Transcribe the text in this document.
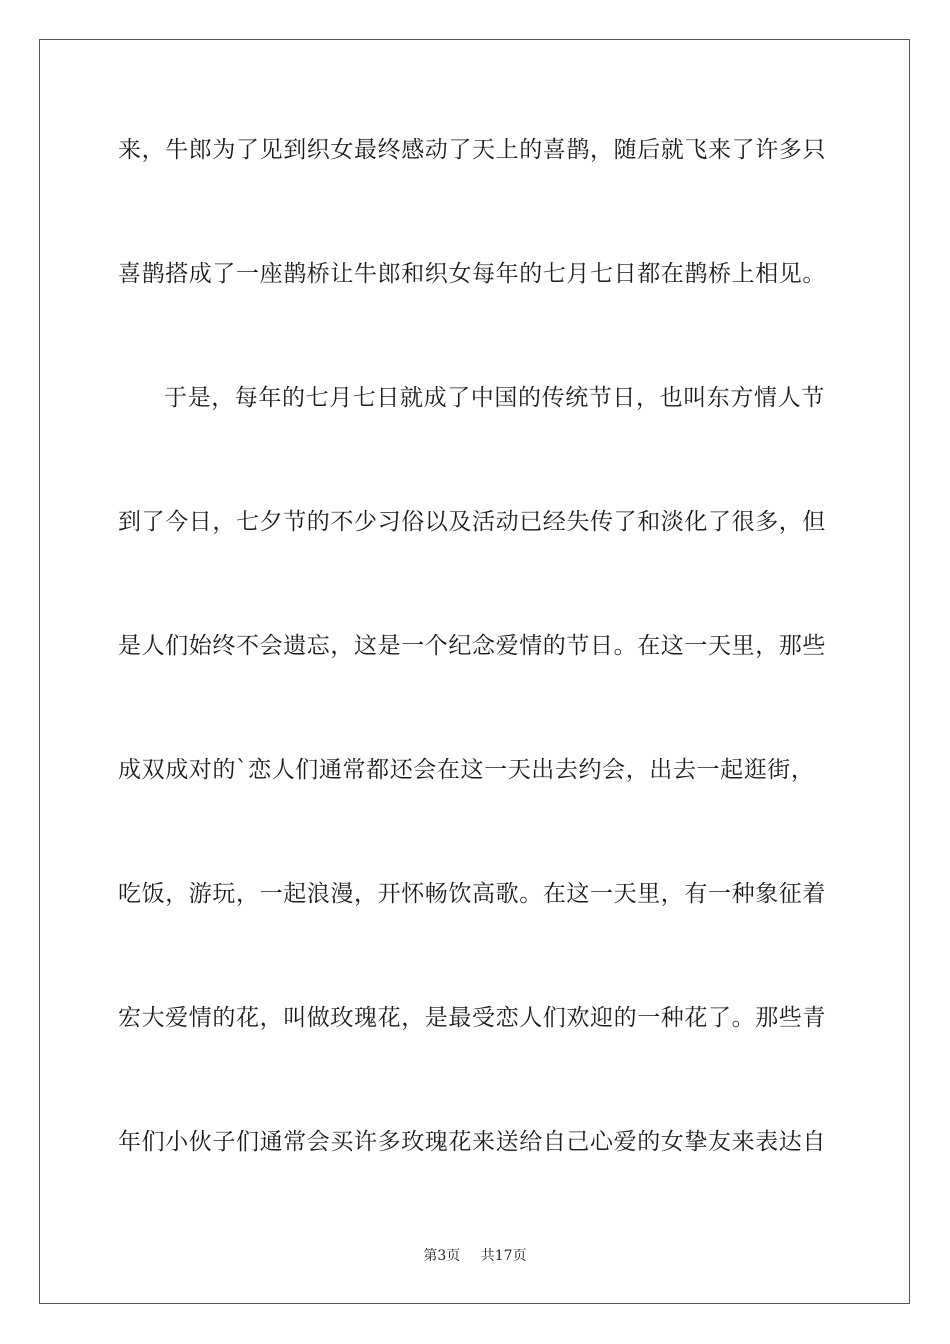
来，牛郎为了见到织女最终感动了天上的喜鹊，随后就飞来了许多只
喜鹊搭成了一座鹊桥让牛郎和织女每年的七月七日都在鹊桥上相见。
于是，每年的七月七日就成了中国的传统节日，也叫东方情人节
到了今日，七夕节的不少习俗以及活动已经失传了和淡化了很多，但
是人们始终不会遗忘，这是一个纪念爱情的节日。在这一天里，那些
成双成对的`恋人们通常都还会在这一天出去约会，出去一起逛街，
吃饭，游玩，一起浪漫，开怀畅饮高歌。在这一天里，有一种象征着
宏大爱情的花，叫做玫瑰花，是最受恋人们欢迎的一种花了。那些青
年们小伙子们通常会买许多玫瑰花来送给自己心爱的女挚友来表达自
第3页 共17页
